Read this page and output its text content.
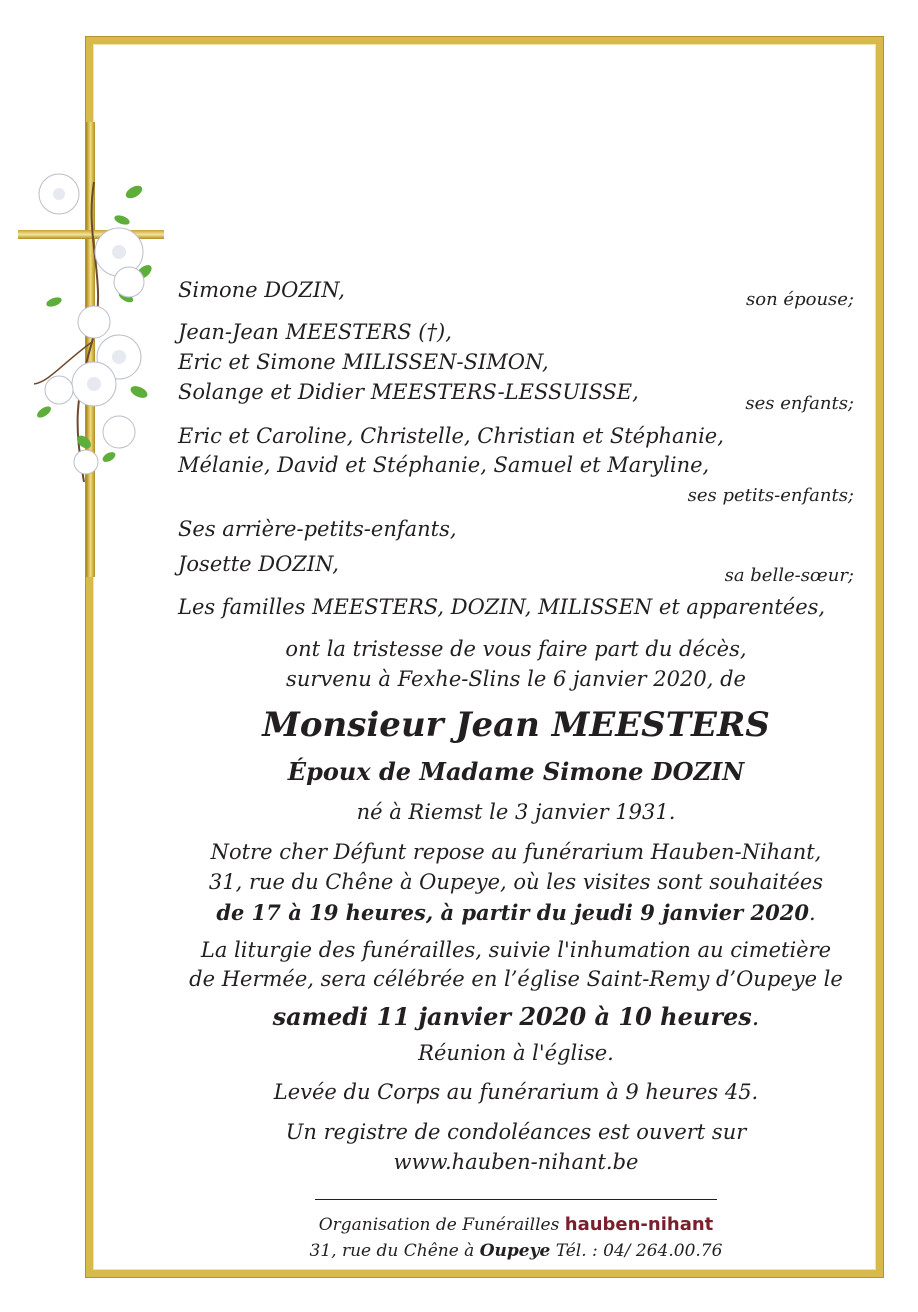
Simone DOZIN,	son épouse;
Jean-Jean MEESTERS (†),
Eric et Simone MILISSEN-SIMON,
Solange et Didier MEESTERS-LESSUISSE,	ses enfants;
Eric et Caroline, Christelle, Christian et Stéphanie,
Mélanie, David et Stéphanie, Samuel et Maryline,
ses petits-enfants;
Ses arrière-petits-enfants,
Josette DOZIN,	sa belle-sœur;
Les familles MEESTERS, DOZIN, MILISSEN et apparentées,
ont la tristesse de vous faire part du décès,
survenu à Fexhe-Slins le 6 janvier 2020, de
Monsieur Jean MEESTERS
Époux de Madame Simone DOZIN
né à Riemst le 3 janvier 1931.
Notre cher Défunt repose au funérarium Hauben-Nihant,
31, rue du Chêne à Oupeye, où les visites sont souhaitées
de 17 à 19 heures, à partir du jeudi 9 janvier 2020.
La liturgie des funérailles, suivie l'inhumation au cimetière
de Hermée, sera célébrée en l’église Saint-Remy d’Oupeye le
samedi 11 janvier 2020 à 10 heures.
Réunion à l'église.
Levée du Corps au funérarium à 9 heures 45.
Un registre de condoléances est ouvert sur
www.hauben-nihant.be
Organisation de Funérailles hauben-nihant
31, rue du Chêne à Oupeye Tél. : 04/ 264.00.76
